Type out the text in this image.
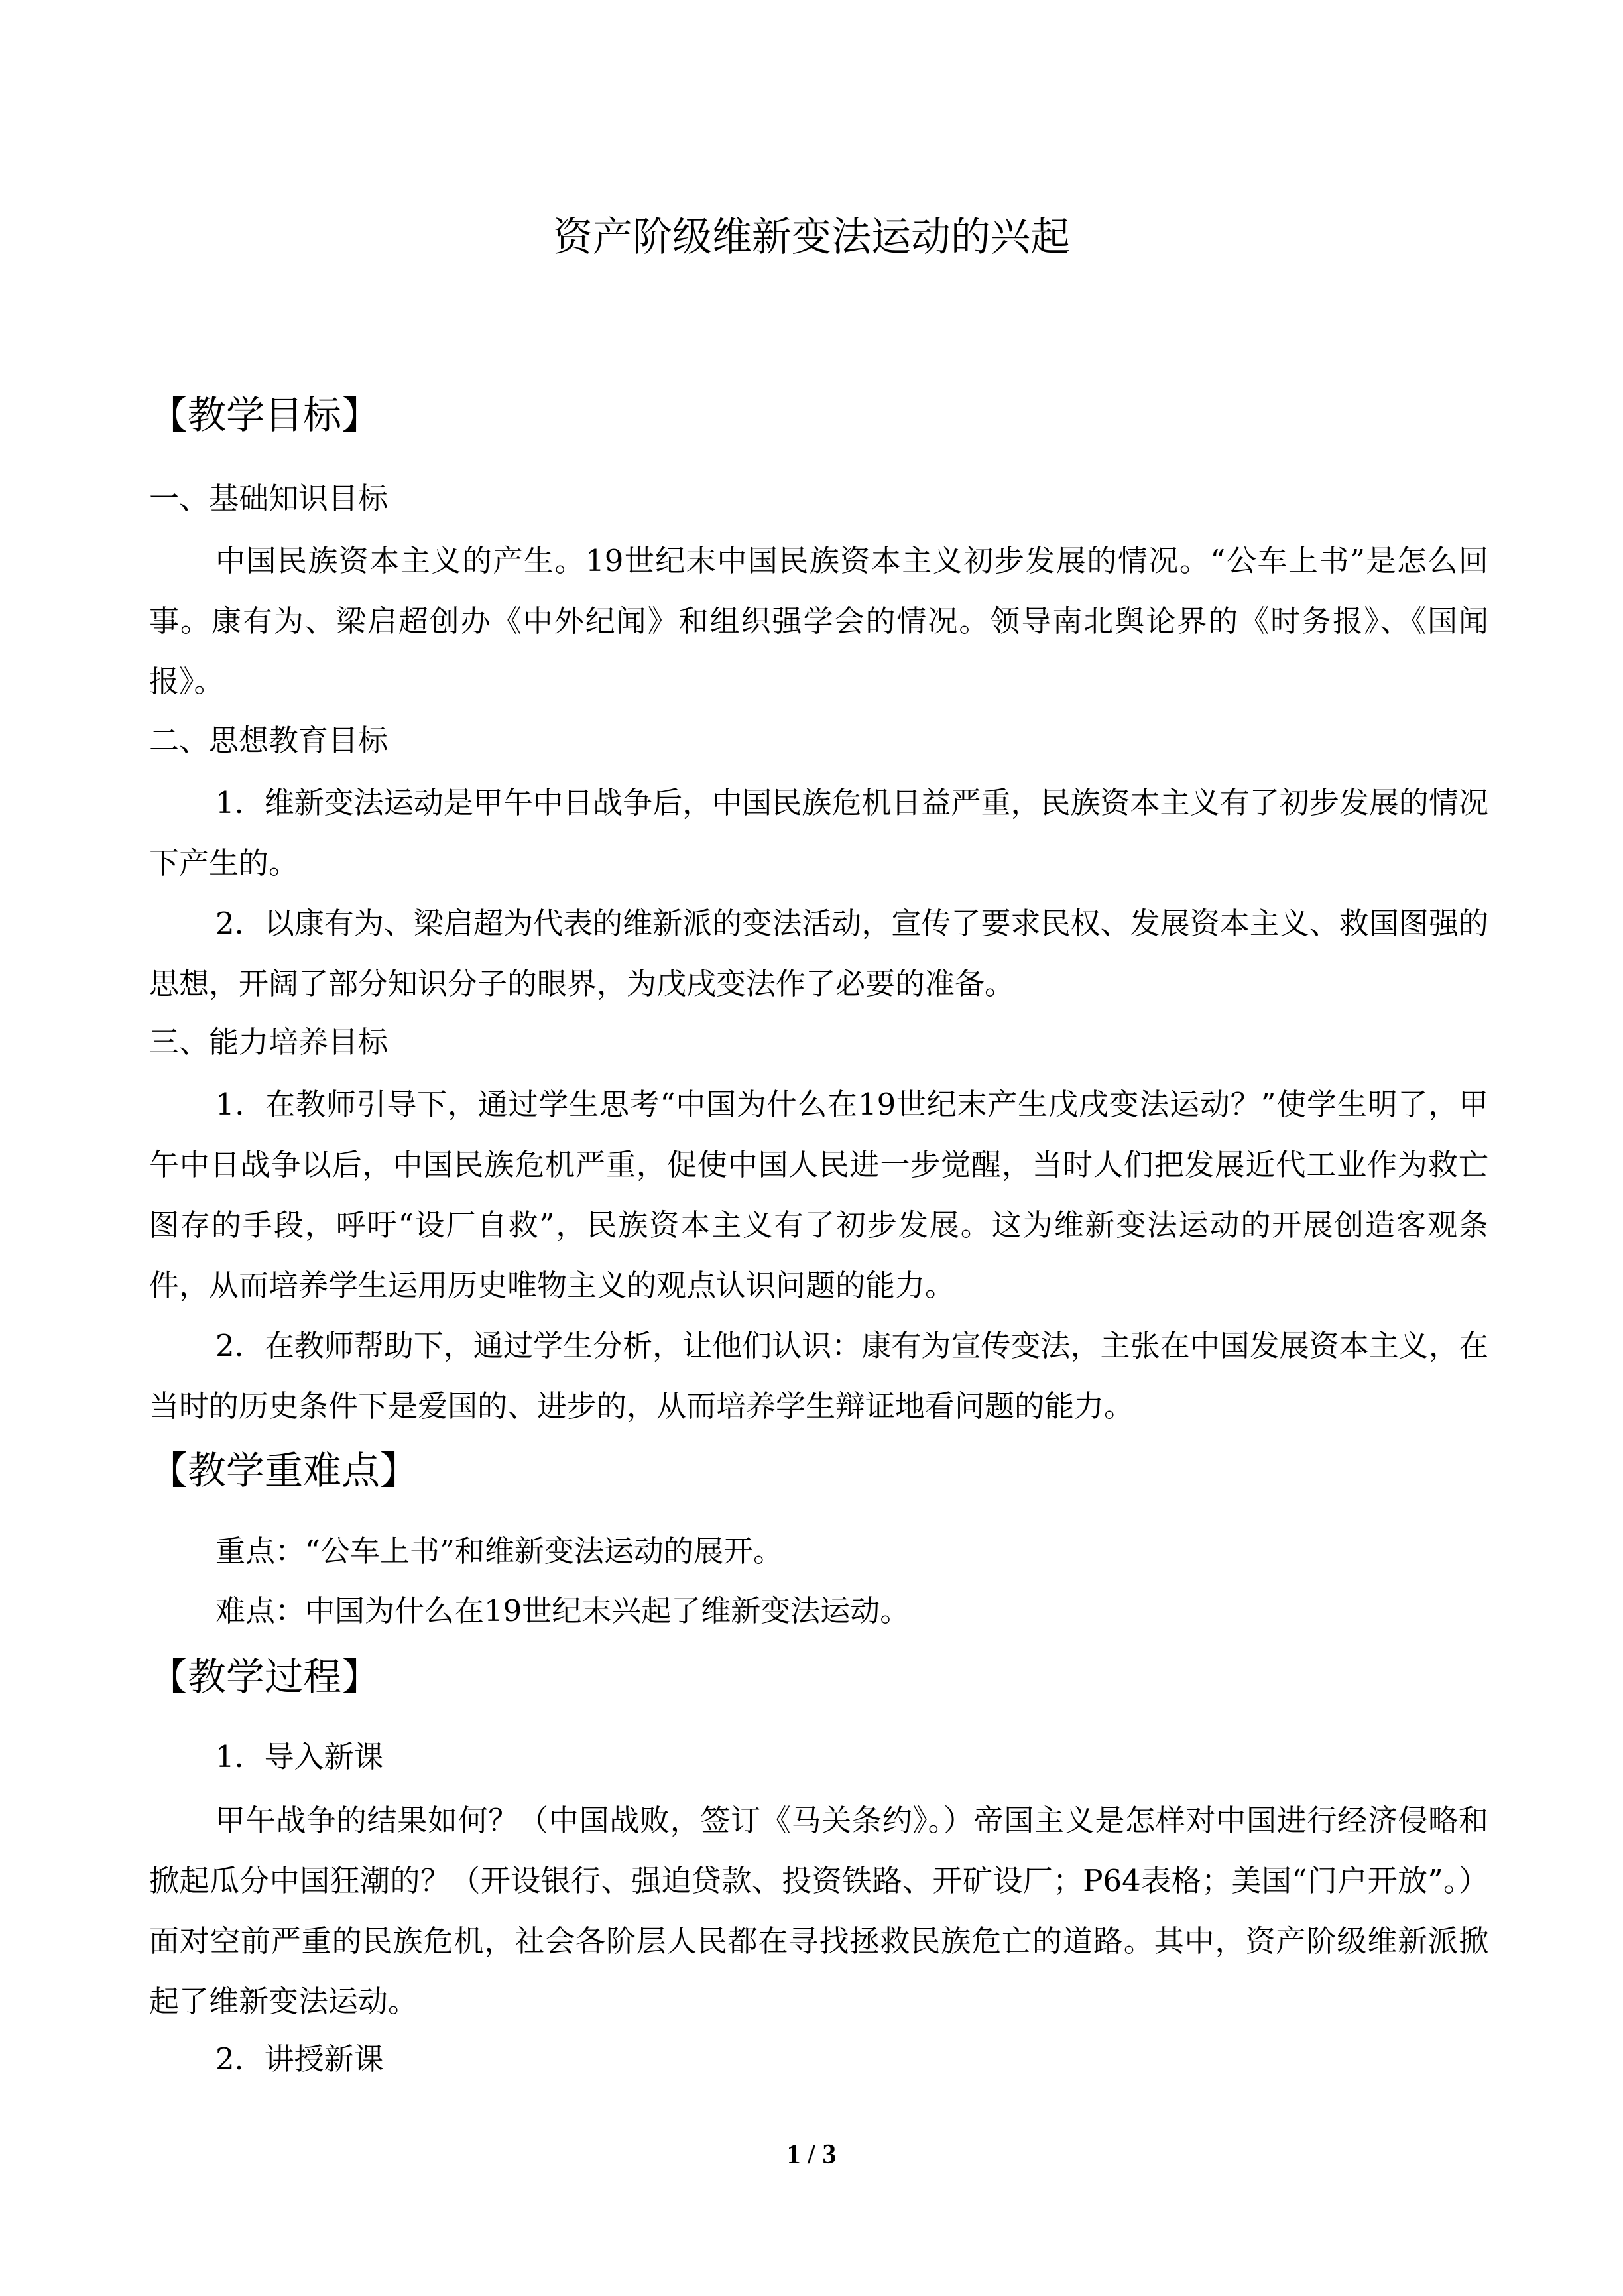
资产阶级维新变法运动的兴起
【教学目标】

一、基础知识目标

中国民族资本主义的产生。19世纪末中国民族资本主义初步发展的情况。“公车上书”是怎么回事。康有为、梁启超创办《中外纪闻》和组织强学会的情况。领导南北舆论界的《时务报》、《国闻报》。

二、思想教育目标

1．维新变法运动是甲午中日战争后，中国民族危机日益严重，民族资本主义有了初步发展的情况下产生的。

2．以康有为、梁启超为代表的维新派的变法活动，宣传了要求民权、发展资本主义、救国图强的思想，开阔了部分知识分子的眼界，为戊戌变法作了必要的准备。

三、能力培养目标

1．在教师引导下，通过学生思考“中国为什么在19世纪末产生戊戌变法运动？”使学生明了，甲午中日战争以后，中国民族危机严重，促使中国人民进一步觉醒，当时人们把发展近代工业作为救亡图存的手段，呼吁“设厂自救”，民族资本主义有了初步发展。这为维新变法运动的开展创造客观条件，从而培养学生运用历史唯物主义的观点认识问题的能力。

2．在教师帮助下，通过学生分析，让他们认识：康有为宣传变法，主张在中国发展资本主义，在当时的历史条件下是爱国的、进步的，从而培养学生辩证地看问题的能力。

【教学重难点】

重点：“公车上书”和维新变法运动的展开。

难点：中国为什么在19世纪末兴起了维新变法运动。

【教学过程】

1．导入新课

甲午战争的结果如何？（中国战败，签订《马关条约》。）帝国主义是怎样对中国进行经济侵略和掀起瓜分中国狂潮的？（开设银行、强迫贷款、投资铁路、开矿设厂；P64表格；美国“门户开放”。）面对空前严重的民族危机，社会各阶层人民都在寻找拯救民族危亡的道路。其中，资产阶级维新派掀起了维新变法运动。

2．讲授新课

1 / 3
